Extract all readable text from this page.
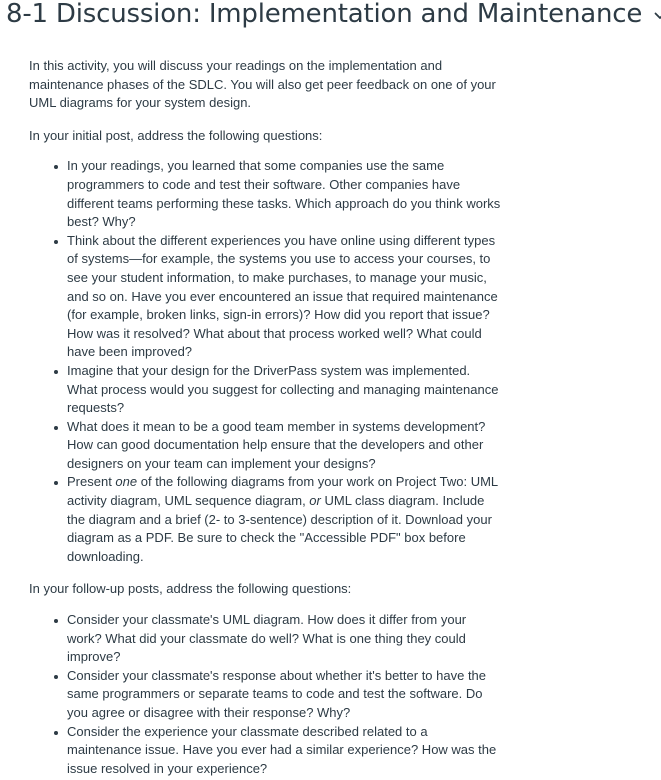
8-1 Discussion: Implementation and Maintenance

In this activity, you will discuss your readings on the implementation and maintenance phases of the SDLC. You will also get peer feedback on one of your UML diagrams for your system design.

In your initial post, address the following questions:

In your readings, you learned that some companies use the same programmers to code and test their software. Other companies have different teams performing these tasks. Which approach do you think works best? Why?
Think about the different experiences you have online using different types of systems—for example, the systems you use to access your courses, to see your student information, to make purchases, to manage your music, and so on. Have you ever encountered an issue that required maintenance (for example, broken links, sign-in errors)? How did you report that issue? How was it resolved? What about that process worked well? What could have been improved?
Imagine that your design for the DriverPass system was implemented. What process would you suggest for collecting and managing maintenance requests?
What does it mean to be a good team member in systems development? How can good documentation help ensure that the developers and other designers on your team can implement your designs?
Present one of the following diagrams from your work on Project Two: UML activity diagram, UML sequence diagram, or UML class diagram. Include the diagram and a brief (2- to 3-sentence) description of it. Download your diagram as a PDF. Be sure to check the "Accessible PDF" box before downloading.

In your follow-up posts, address the following questions:

Consider your classmate's UML diagram. How does it differ from your work? What did your classmate do well? What is one thing they could improve?
Consider your classmate's response about whether it's better to have the same programmers or separate teams to code and test the software. Do you agree or disagree with their response? Why?
Consider the experience your classmate described related to a maintenance issue. Have you ever had a similar experience? How was the issue resolved in your experience?
